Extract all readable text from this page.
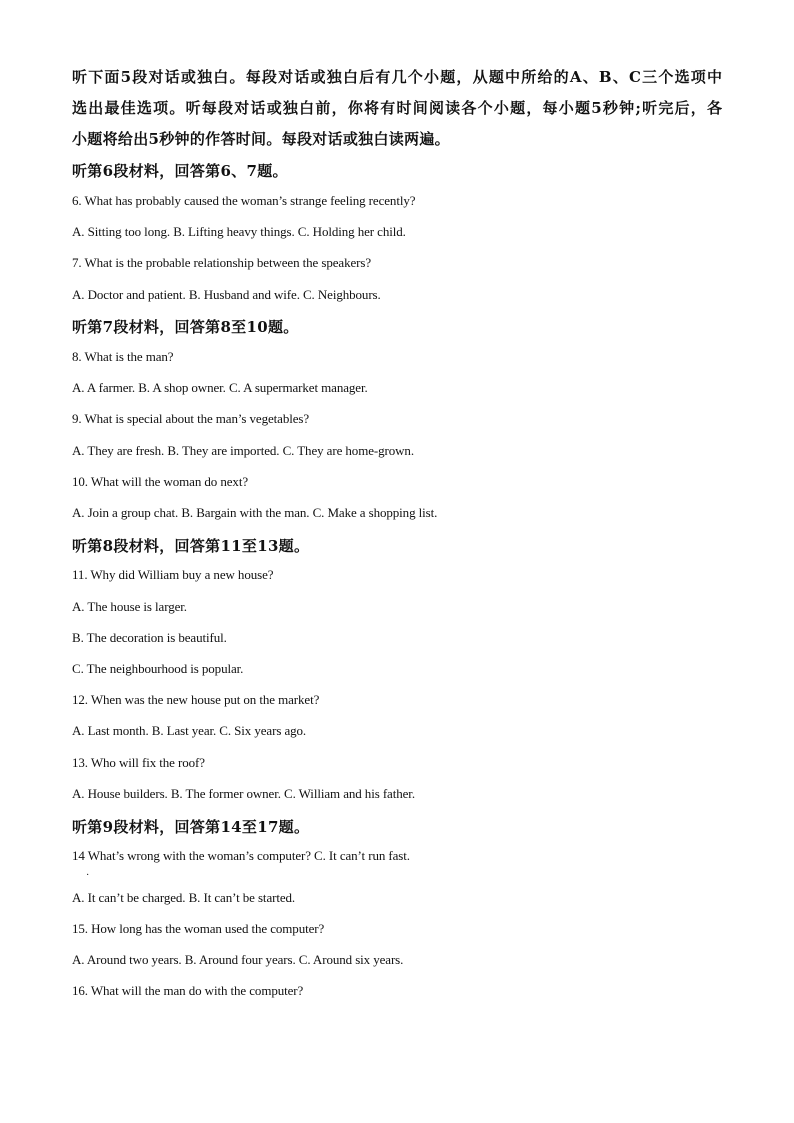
听下面5段对话或独白。每段对话或独白后有几个小题，从题中所给的A、B、C三个选项中
选出最佳选项。听每段对话或独白前，你将有时间阅读各个小题，每小题5秒钟;听完后，各
小题将给出5秒钟的作答时间。每段对话或独白读两遍。
听第6段材料，回答第6、7题。
6. What has probably caused the woman’s strange feeling recently?
A. Sitting too long. B. Lifting heavy things. C. Holding her child.
7. What is the probable relationship between the speakers?
A. Doctor and patient. B. Husband and wife. C. Neighbours.
听第7段材料，回答第8至10题。
8. What is the man?
A. A farmer. B. A shop owner. C. A supermarket manager.
9. What is special about the man’s vegetables?
A. They are fresh. B. They are imported. C. They are home-grown.
10. What will the woman do next?
A. Join a group chat. B. Bargain with the man. C. Make a shopping list.
听第8段材料，回答第11至13题。
11. Why did William buy a new house?
A. The house is larger.
B. The decoration is beautiful.
C. The neighbourhood is popular.
12. When was the new house put on the market?
A. Last month. B. Last year. C. Six years ago.
13. Who will fix the roof?
A. House builders. B. The former owner. C. William and his father.
听第9段材料，回答第14至17题。
14 What’s wrong with the woman’s computer? C. It can’t run fast.
·
A. It can’t be charged. B. It can’t be started.
15. How long has the woman used the computer?
A. Around two years. B. Around four years. C. Around six years.
16. What will the man do with the computer?
